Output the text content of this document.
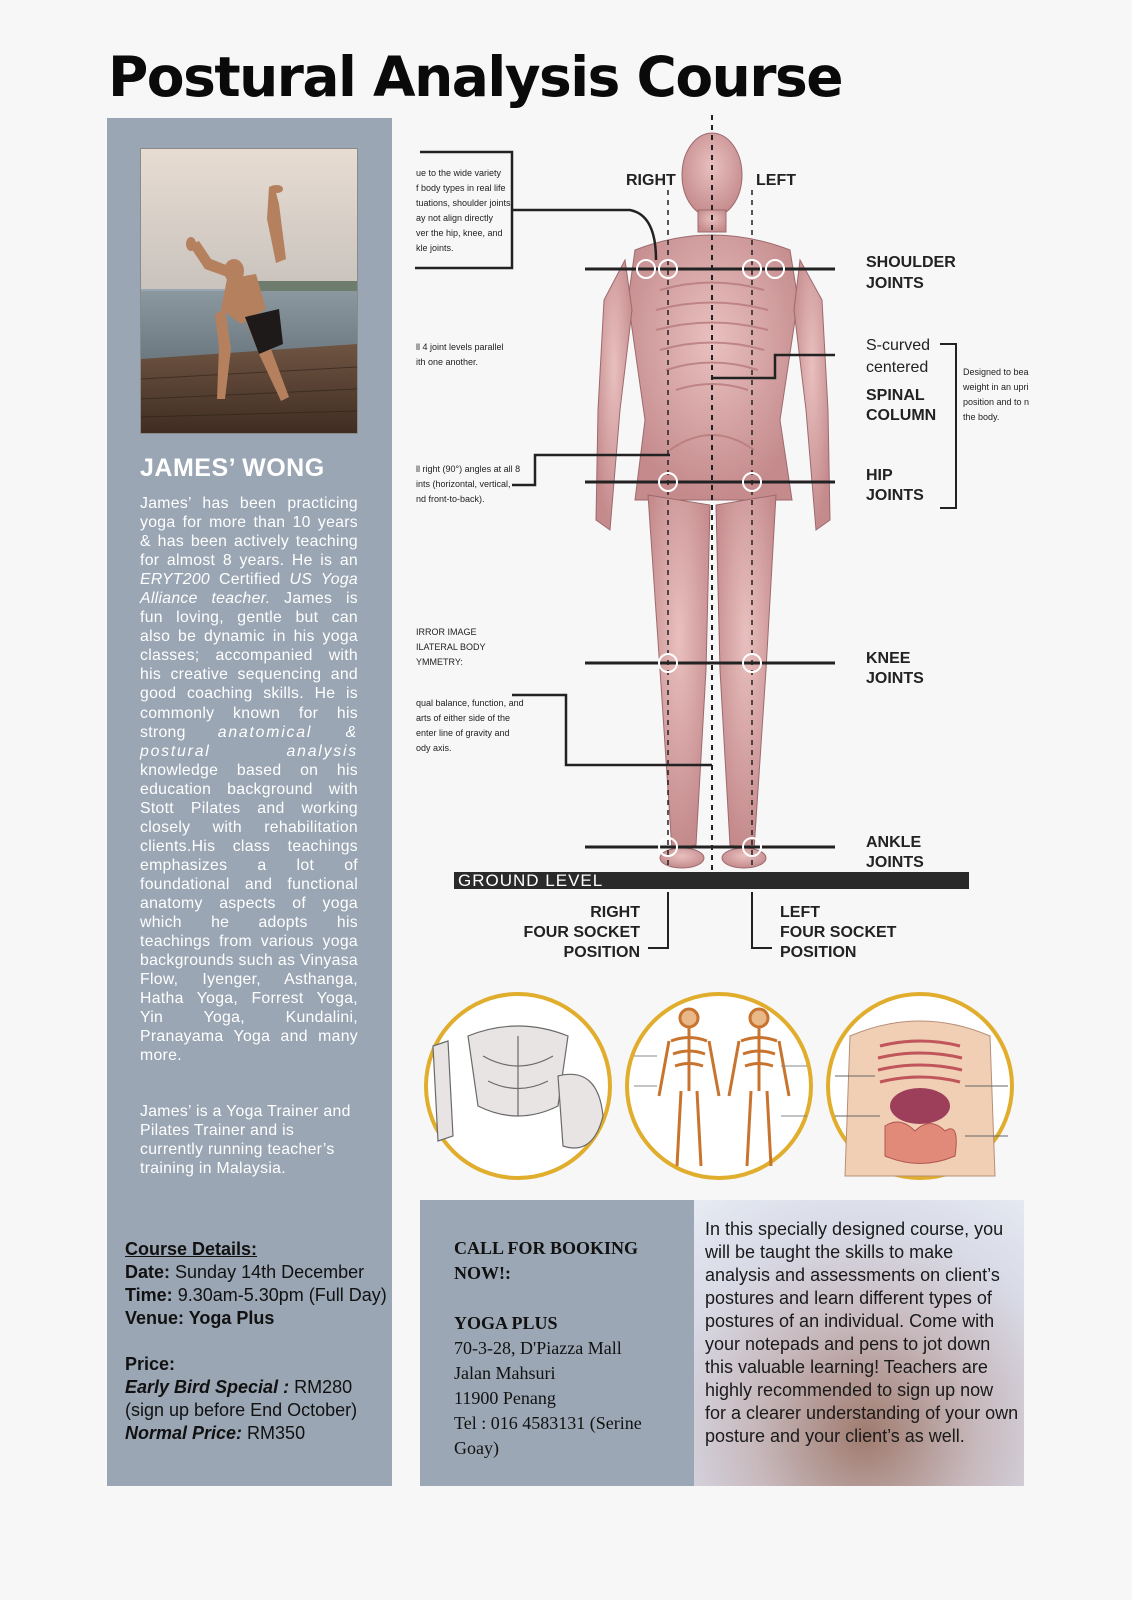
Postural Analysis Course
JAMES’ WONG

James’ has been practicing yoga for more than 10 years & has been actively teaching for almost 8 years. He is an ERYT200 Certified US Yoga Alliance teacher. James is fun loving, gentle but can also be dynamic in his yoga classes; accompanied with his creative sequencing and good coaching skills. He is commonly known for his strong anatomical & postural analysis knowledge based on his education background with Stott Pilates and working closely with rehabilitation clients.His class teachings emphasizes a lot of foundational and functional anatomy aspects of yoga which he adopts his teachings from various yoga backgrounds such as Vinyasa Flow, Iyenger, Asthanga, Hatha Yoga, Forrest Yoga, Yin Yoga, Kundalini, Pranayama Yoga and many more.

James’ is a Yoga Trainer and Pilates Trainer and is currently running teacher’s training in Malaysia.

Course Details:

Date: Sunday 14th December

Time: 9.30am-5.30pm (Full Day)

Venue: Yoga Plus

Price:

Early Bird Special : RM280

(sign up before End October)

Normal Price: RM350

GROUND LEVEL
ue to the wide variety
f body types in real life
tuations, shoulder joints
ay not align directly
ver the hip, knee, and
kle joints.
ll 4 joint levels parallel
ith one another.
ll right (90°) angles at all 8
ints (horizontal, vertical,
nd front-to-back).
IRROR IMAGE
ILATERAL BODY
YMMETRY:
qual balance, function, and
arts of either side of the
enter line of gravity and
ody axis.
RIGHT	LEFT
SHOULDER
JOINTS
SPINAL
COLUMN
HIP
JOINTS
KNEE
JOINTS
ANKLE
JOINTS
S-curved
centered	Designed to bea
weight in an upri
position and to n
the body.
RIGHT
FOUR SOCKET
POSITION
LEFT
FOUR SOCKET
POSITION

CALL FOR BOOKING NOW!:

YOGA PLUS

70-3-28, D'Piazza Mall

Jalan Mahsuri

11900 Penang

Tel : 016 4583131 (Serine Goay)

In this specially designed course, you will be taught the skills to make analysis and assessments on client’s postures and learn different types of postures of an individual. Come with your notepads and pens to jot down this valuable learning! Teachers are highly recommended to sign up now for a clearer understanding of your own posture and your client’s as well.
